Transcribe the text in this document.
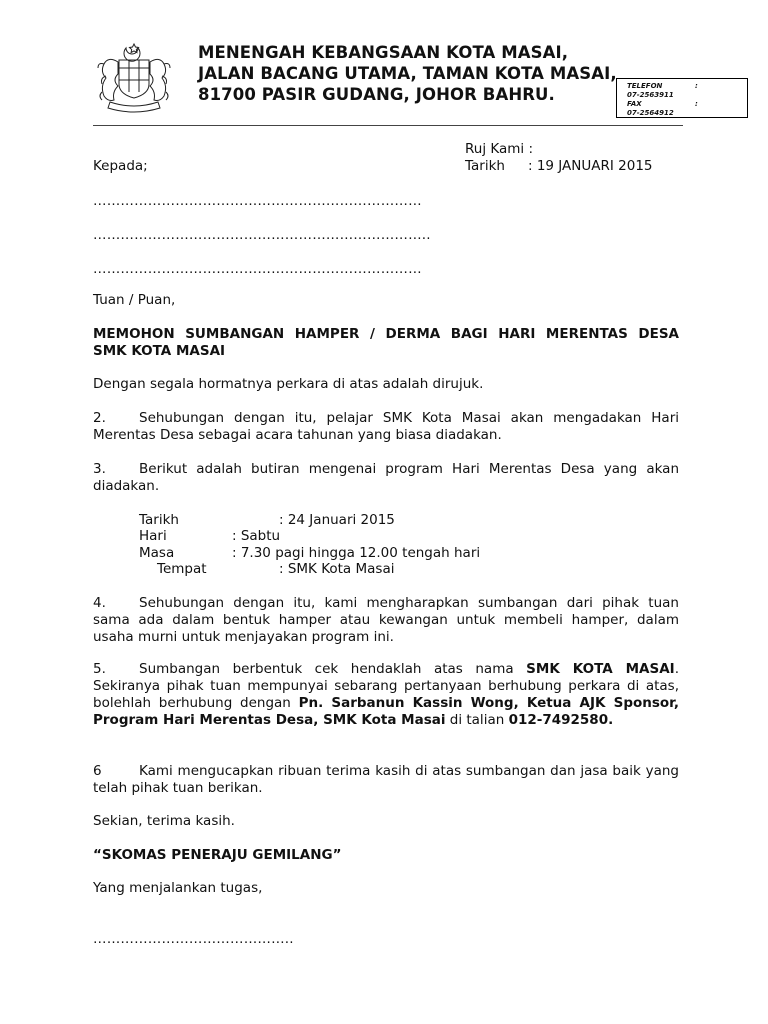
MENENGAH KEBANGSAAN KOTA MASAI,
JALAN BACANG UTAMA, TAMAN KOTA MASAI,
81700 PASIR GUDANG, JOHOR BAHRU.	TELEFON	:
07-2563911
FAX	:
07-2564912
Ruj Kami :
Tarikh : 19 JANUARI 2015
Kepada;
………………………………………………………………
………………………………………………………………..
………………………………………………………………
Tuan / Puan,
MEMOHON SUMBANGAN HAMPER / DERMA BAGI HARI MERENTAS DESA
SMK KOTA MASAI
Dengan segala hormatnya perkara di atas adalah dirujuk.
2. Sehubungan dengan itu, pelajar SMK Kota Masai akan mengadakan Hari Merentas Desa sebagai acara tahunan yang biasa diadakan.
3. Berikut adalah butiran mengenai program Hari Merentas Desa yang akan diadakan.
Tarikh	: 24 Januari 2015
Hari	: Sabtu
Masa	: 7.30 pagi hingga 12.00 tengah hari
Tempat	: SMK Kota Masai
4. Sehubungan dengan itu, kami mengharapkan sumbangan dari pihak tuan sama ada dalam bentuk hamper atau kewangan untuk membeli hamper, dalam usaha murni untuk menjayakan program ini.
5. Sumbangan berbentuk cek hendaklah atas nama SMK KOTA MASAI. Sekiranya pihak tuan mempunyai sebarang pertanyaan berhubung perkara di atas, bolehlah berhubung dengan Pn. Sarbanun Kassin Wong, Ketua AJK Sponsor, Program Hari Merentas Desa, SMK Kota Masai di talian 012-7492580.
6	Kami mengucapkan ribuan terima kasih di atas sumbangan dan jasa baik yang telah pihak tuan berikan.
Sekian, terima kasih.
“SKOMAS PENERAJU GEMILANG”
Yang menjalankan tugas,
……………………………………..
